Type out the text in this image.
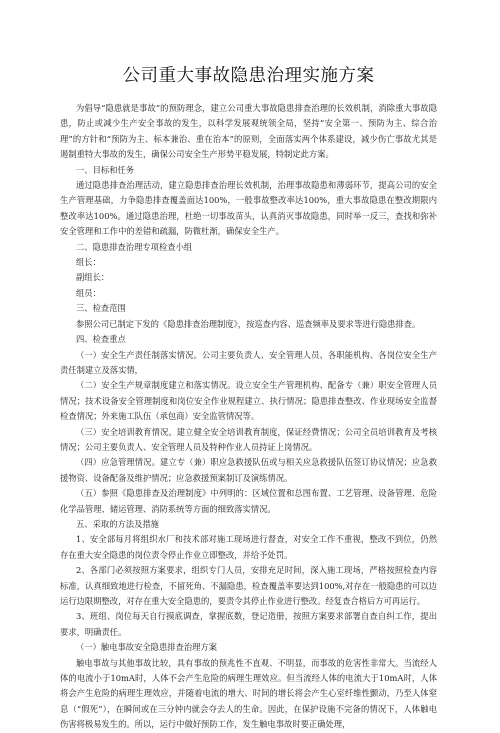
公司重大事故隐患治理实施方案

为倡导“隐患就是事故”的预防理念，建立公司重大事故隐患排查治理的长效机制，消除重大事故隐患，防止或减少生产安全事故的发生，以科学发展观统领全局，坚持“安全第一、预防为主、综合治理”的方针和“预防为主、标本兼治、重在治本”的原则，全面落实两个体系建设，减少伤亡事故尤其是遏制重特大事故的发生，确保公司安全生产形势平稳发展，特制定此方案。

一、目标和任务

通过隐患排查治理活动，建立隐患排查治理长效机制，治理事故隐患和薄弱环节，提高公司的安全生产管理基础，力争隐患排查覆盖面达100%，一般事故整改率达100%，重大事故隐患在整改期限内整改率达100%。通过隐患治理，杜绝一切事故苗头，认真消灭事故隐患，同时举一反三，查找和弥补安全管理和工作中的差错和疏漏，防微杜渐，确保安全生产。

二、隐患排查治理专项检查小组

组长：

副组长：

组员：

三、检查范围

参照公司已制定下发的《隐患排查治理制度》，按巡查内容、巡查频率及要求等进行隐患排查。

四、检查重点

（一）安全生产责任制落实情况。公司主要负责人、安全管理人员、各职能机构、各岗位安全生产责任制建立及落实情，

（二）安全生产规章制度建立和落实情况。设立安全生产管理机构、配备专（兼）职安全管理人员情况；技术设备安全管理制度和岗位安全作业规程建立、执行情况；隐患排查整改、作业现场安全监督检查情况；外来施工队伍（承包商）安全监管情况等。

（三）安全培训教育情况。建立健全安全培训教育制度，保证经费情况；公司全员培训教育及考核情况；公司主要负责人、安全管理人员及特种作业人员持证上岗情况。

（四）应急管理情况。建立专（兼）职应急救援队伍或与相关应急救援队伍签订协议情况；应急救援物资、设备配备及维护情况；应急救援预案制订及演练情况。

（五）参照《隐患排查及治理制度》中列明的：区域位置和总图布置、工艺管理、设备管理、危险化学品管理、储运管理、消防系统等方面的细致落实情况。

五、采取的方法及措施

1、安全部每月将组织水厂和技术部对施工现场进行督查，对安全工作不重视，整改不到位，仍然存在重大安全隐患的岗位责令停止作业立即整改，并给予处罚。

2、各部门必须按照方案要求，组织专门人员，安排充足时间，深入施工现场，严格按照检查内容标准，认真细致地进行检查，不留死角、不漏隐患，检查覆盖率要达到100%,对存在一般隐患的可以边运行边限期整改，对存在重大安全隐患的，要责令其停止作业进行整改。经复查合格后方可再运行。

3、班组、岗位每天自行摸底调查，掌握底数，登记造册，按照方案要求部署自查自纠工作，提出要求，明确责任。

（一）触电事故安全隐患排查治理方案

触电事故与其他事故比较，具有事故的预兆性不直观、不明显，而事故的危害性非常大。当流经人体的电流小于10mA时，人体不会产生危险的病理生理效应。但当流经人体的电流大于10mA时，人体将会产生危险的病理生理效应，并随着电流的增大、时间的增长将会产生心室纤维性颤动，乃至人体窒息（“假死”），在瞬间或在三分钟内就会夺去人的生命。因此，在保护设施不完备的情况下，人体触电伤害将极易发生的。所以，运行中做好预防工作，发生触电事故时要正确处理，
